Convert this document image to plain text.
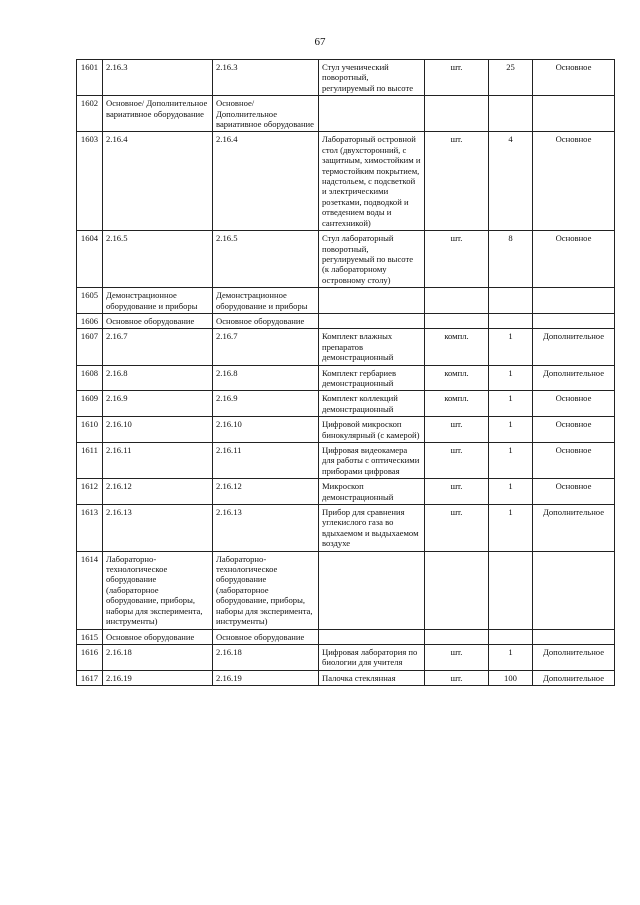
67
1601	2.16.3	2.16.3	Стул ученический поворотный, регулируемый по высоте	шт.	25	Основное
1602	Основное/ Дополнительное вариативное оборудование	Основное/ Дополнительное вариативное оборудование				
1603	2.16.4	2.16.4	Лабораторный островной стол (двухсторонний, с защитным, химостойким и термостойким покрытием, надстольем, с подсветкой и электрическими розетками, подводкой и отведением воды и сантехникой)	шт.	4	Основное
1604	2.16.5	2.16.5	Стул лабораторный поворотный, регулируемый по высоте (к лабораторному островному столу)	шт.	8	Основное
1605	Демонстрационное оборудование и приборы	Демонстрационное оборудование и приборы				
1606	Основное оборудование	Основное оборудование				
1607	2.16.7	2.16.7	Комплект влажных препаратов демонстрационный	компл.	1	Дополнительное
1608	2.16.8	2.16.8	Комплект гербариев демонстрационный	компл.	1	Дополнительное
1609	2.16.9	2.16.9	Комплект коллекций демонстрационный	компл.	1	Основное
1610	2.16.10	2.16.10	Цифровой микроскоп бинокулярный (с камерой)	шт.	1	Основное
1611	2.16.11	2.16.11	Цифровая видеокамера для работы с оптическими приборами цифровая	шт.	1	Основное
1612	2.16.12	2.16.12	Микроскоп демонстрационный	шт.	1	Основное
1613	2.16.13	2.16.13	Прибор для сравнения углекислого газа во вдыхаемом и выдыхаемом воздухе	шт.	1	Дополнительное
1614	Лабораторно-технологическое оборудование (лабораторное оборудование, приборы, наборы для эксперимента, инструменты)	Лабораторно-технологическое оборудование (лабораторное оборудование, приборы, наборы для эксперимента, инструменты)				
1615	Основное оборудование	Основное оборудование				
1616	2.16.18	2.16.18	Цифровая лаборатория по биологии для учителя	шт.	1	Дополнительное
1617	2.16.19	2.16.19	Палочка стеклянная	шт.	100	Дополнительное
